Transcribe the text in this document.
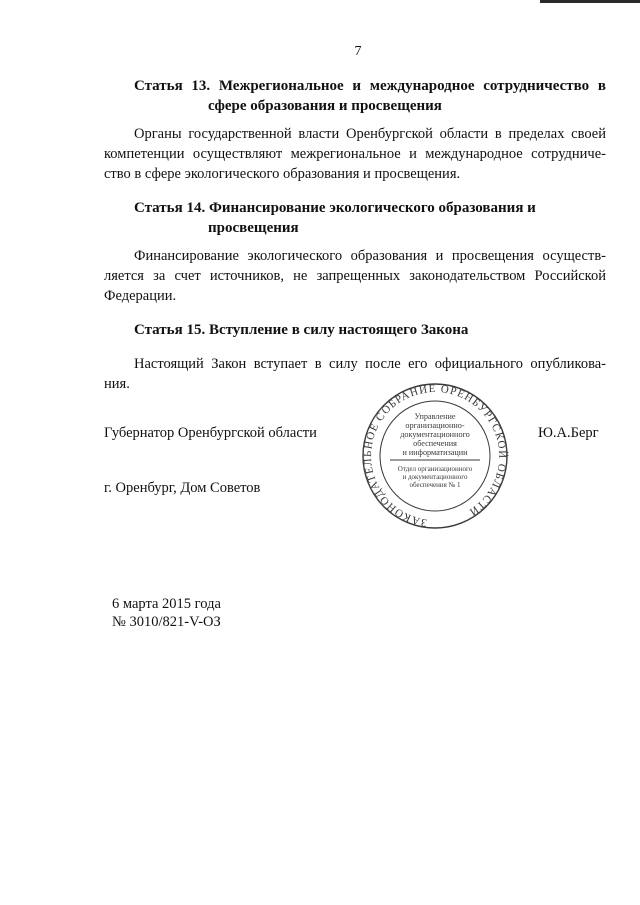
7
Статья 13. Межрегиональное и международное сотрудничество в
сфере образования и просвещения
Органы государственной власти Оренбургской области в пределах своей
компетенции осуществляют межрегиональное и международное сотрудниче-
ство в сфере экологического образования и просвещения.
Статья 14. Финансирование экологического образования и
просвещения
Финансирование экологического образования и просвещения осуществ-
ляется за счет источников, не запрещенных законодательством Российской
Федерации.
Статья 15. Вступление в силу настоящего Закона
Настоящий Закон вступает в силу после его официального опубликова-
ния.
Губернатор Оренбургской области	Ю.А.Берг
ЗАКОНОДАТЕЛЬНОЕ СОБРАНИЕ ОРЕНБУРГСКОЙ ОБЛАСТИ
Управление
организационно-
документационного
обеспечения
и информатизации
Отдел организационного
и документационного
обеспечения № 1
г. Оренбург, Дом Советов
6 марта 2015 года
№ 3010/821-V-ОЗ
